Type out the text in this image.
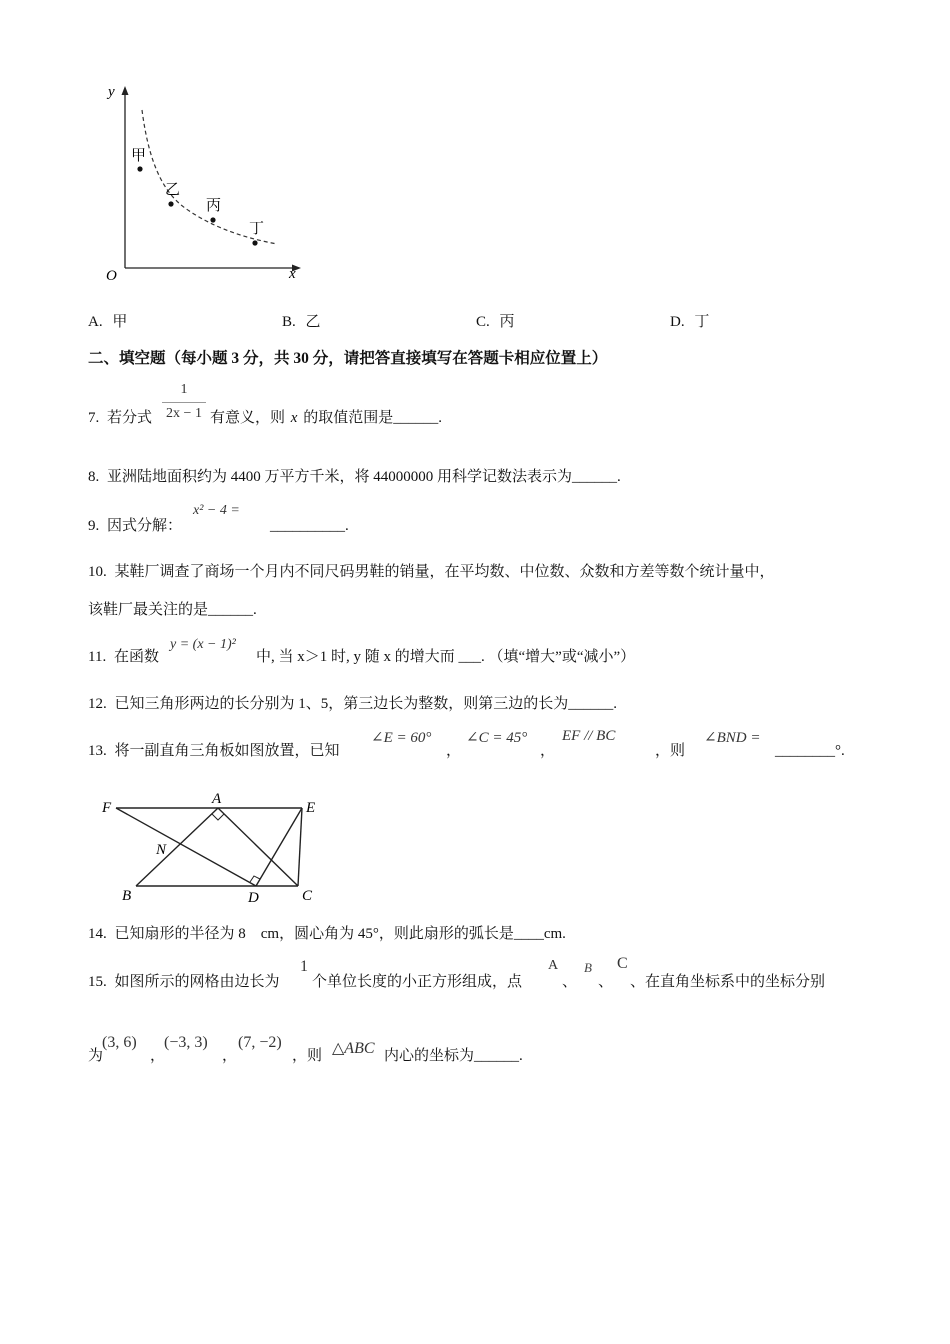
y
x
O
甲
乙
丙
丁
A. 甲	B. 乙	C. 丙	D. 丁
二、填空题（每小题 3 分，共 30 分，请把答直接填写在答题卡相应位置上）
7. 若分式
1
2x − 1 有意义，则 x 的取值范围是______.
8. 亚洲陆地面积约为 4400 万平方千米，将 44000000 用科学记数法表示为______.
9. 因式分解：
x² − 4 =
__________.
10. 某鞋厂调查了商场一个月内不同尺码男鞋的销量，在平均数、中位数、众数和方差等数个统计量中，
该鞋厂最关注的是______.
11. 在函数
y = (x − 1)²
中, 当 x＞1 时, y 随 x 的增大而 ___. （填“增大”或“减小”）
12. 已知三角形两边的长分别为 1、5，第三边长为整数，则第三边的长为______.
13. 将一副直角三角板如图放置，已知
∠E = 60°
，
∠C = 45°
，
EF // BC
，则
∠BND =
________°.
F
A
E
N
B	D	C
14. 已知扇形的半径为 8    cm，圆心角为 45°，则此扇形的弧长是____cm.
15. 如图所示的网格由边长为
1
个单位长度的小正方形组成，点
A
、
B
、
C
、在直角坐标系中的坐标分别
为
(3, 6)
，
(−3, 3)
，
(7, −2)
，则 △ABC 内心的坐标为______.
